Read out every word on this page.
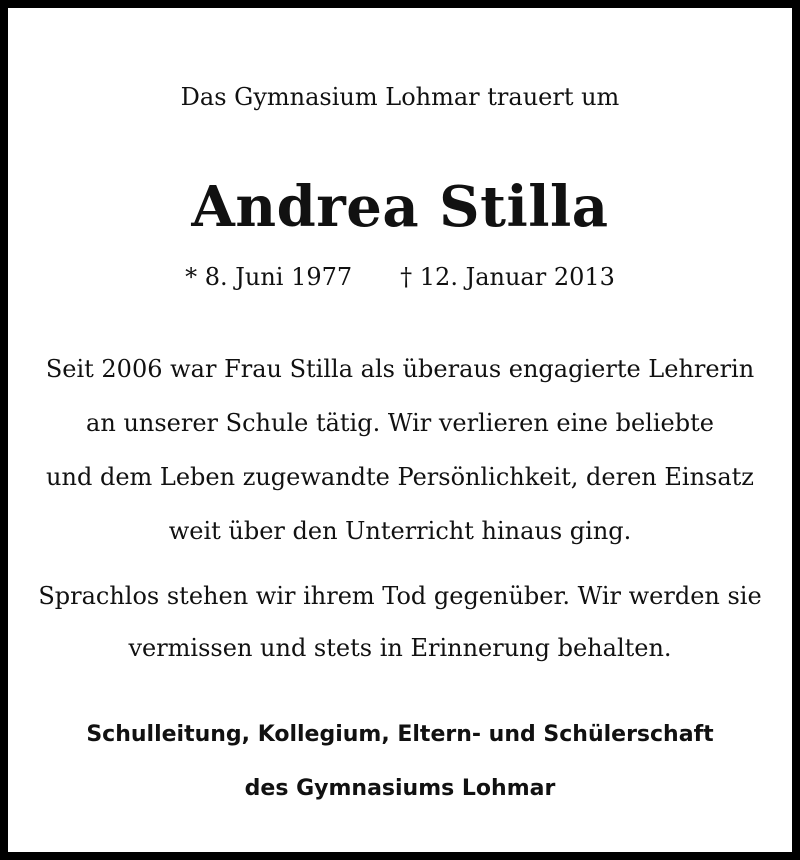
Das Gymnasium Lohmar trauert um
Andrea Stilla
* 8. Juni 1977 † 12. Januar 2013
Seit 2006 war Frau Stilla als überaus engagierte Lehrerin
an unserer Schule tätig. Wir verlieren eine beliebte
und dem Leben zugewandte Persönlichkeit, deren Einsatz
weit über den Unterricht hinaus ging.
Sprachlos stehen wir ihrem Tod gegenüber. Wir werden sie
vermissen und stets in Erinnerung behalten.
Schulleitung, Kollegium, Eltern- und Schülerschaft
des Gymnasiums Lohmar
